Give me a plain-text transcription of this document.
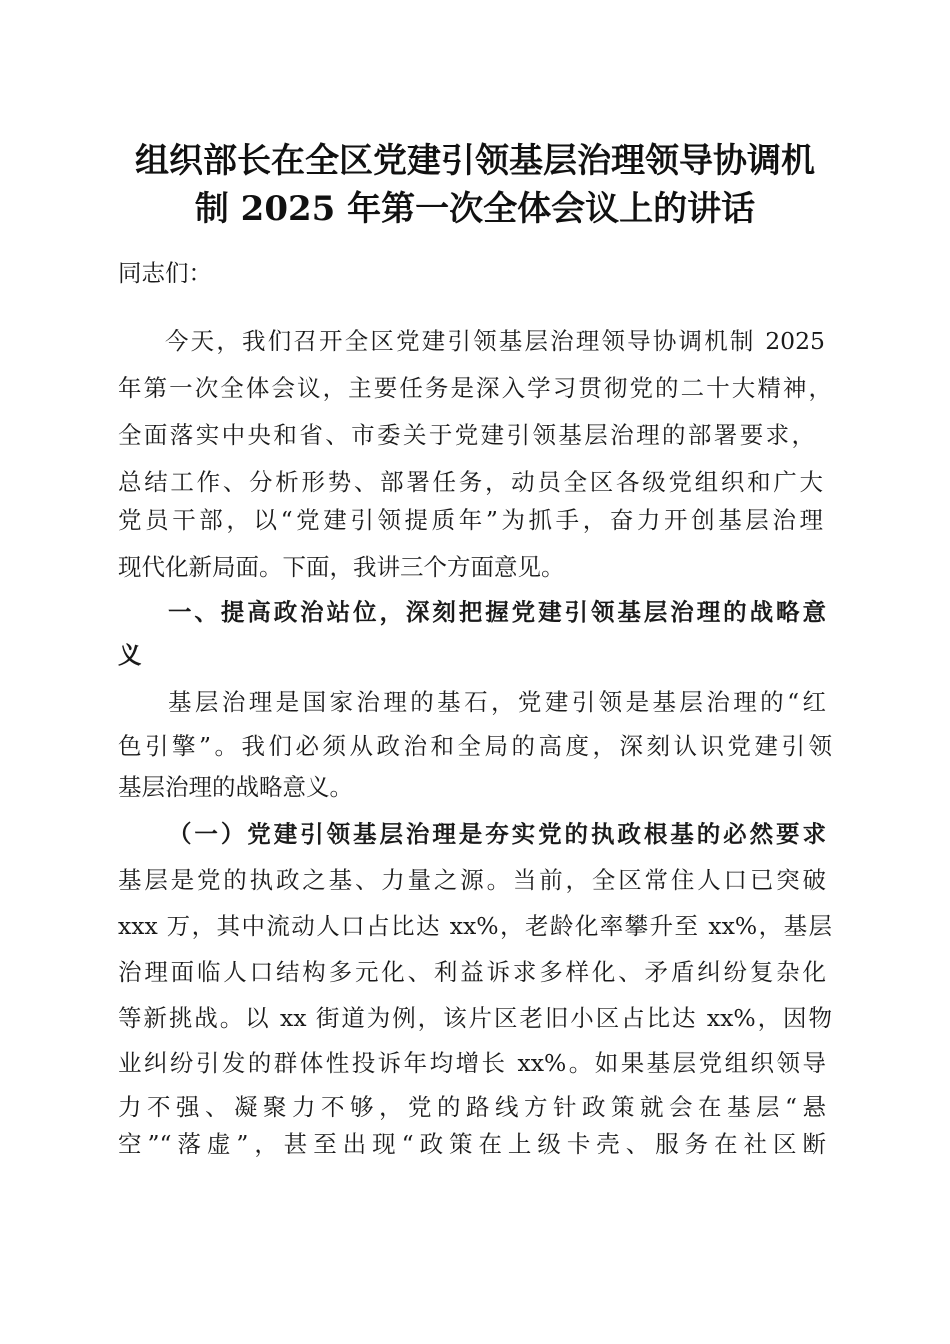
组织部长在全区党建引领基层治理领导协调机
制 2025 年第一次全体会议上的讲话

同志们：

今天，我们召开全区党建引领基层治理领导协调机制 2025

年第一次全体会议，主要任务是深入学习贯彻党的二十大精神，

全面落实中央和省、市委关于党建引领基层治理的部署要求，

总结工作、分析形势、部署任务，动员全区各级党组织和广大

党员干部，以“党建引领提质年”为抓手，奋力开创基层治理

现代化新局面。下面，我讲三个方面意见。

一、提高政治站位，深刻把握党建引领基层治理的战略意

义

基层治理是国家治理的基石，党建引领是基层治理的“红

色引擎”。我们必须从政治和全局的高度，深刻认识党建引领

基层治理的战略意义。

（一）党建引领基层治理是夯实党的执政根基的必然要求

基层是党的执政之基、力量之源。当前，全区常住人口已突破

xxx 万，其中流动人口占比达 xx%，老龄化率攀升至 xx%，基层

治理面临人口结构多元化、利益诉求多样化、矛盾纠纷复杂化

等新挑战。以 xx 街道为例，该片区老旧小区占比达 xx%，因物

业纠纷引发的群体性投诉年均增长 xx%。如果基层党组织领导

力不强、凝聚力不够，党的路线方针政策就会在基层“悬

空”“落虚”，甚至出现“政策在上级卡壳、服务在社区断
